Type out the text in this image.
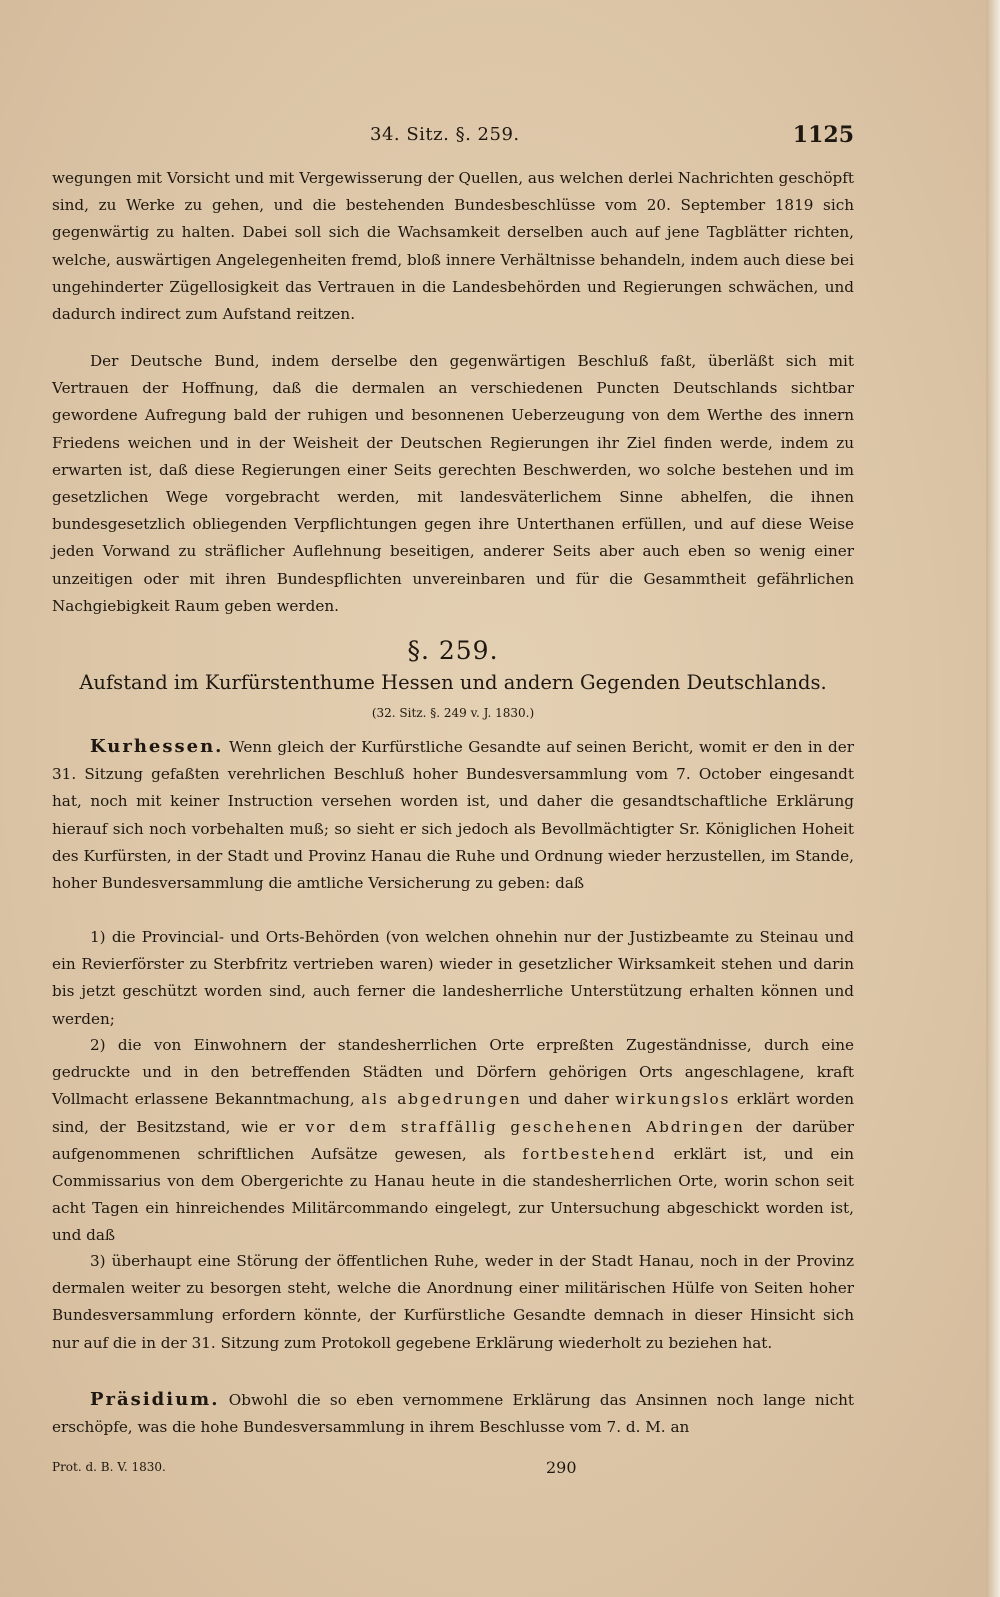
34. Sitz. §. 259.	1125

wegungen mit Vorsicht und mit Vergewisserung der Quellen, aus welchen derlei Nachrichten geschöpft sind, zu Werke zu gehen, und die bestehenden Bundesbeschlüsse vom 20. September 1819 sich gegenwärtig zu halten. Dabei soll sich die Wachsamkeit derselben auch auf jene Tagblätter richten, welche, auswärtigen Angelegenheiten fremd, bloß innere Verhältnisse behandeln, indem auch diese bei ungehinderter Zügellosigkeit das Vertrauen in die Landesbehörden und Regierungen schwächen, und dadurch indirect zum Aufstand reitzen.

Der Deutsche Bund, indem derselbe den gegenwärtigen Beschluß faßt, überläßt sich mit Vertrauen der Hoffnung, daß die dermalen an verschiedenen Puncten Deutschlands sichtbar gewordene Aufregung bald der ruhigen und besonnenen Ueberzeugung von dem Werthe des innern Friedens weichen und in der Weisheit der Deutschen Regierungen ihr Ziel finden werde, indem zu erwarten ist, daß diese Regierungen einer Seits gerechten Beschwerden, wo solche bestehen und im gesetzlichen Wege vorgebracht werden, mit landesväterlichem Sinne abhelfen, die ihnen bundesgesetzlich obliegenden Verpflichtungen gegen ihre Unterthanen erfüllen, und auf diese Weise jeden Vorwand zu sträflicher Auflehnung beseitigen, anderer Seits aber auch eben so wenig einer unzeitigen oder mit ihren Bundespflichten unvereinbaren und für die Gesammtheit gefährlichen Nachgiebigkeit Raum geben werden.

§. 259.
Aufstand im Kurfürstenthume Hessen und andern Gegenden Deutschlands.
(32. Sitz. §. 249 v. J. 1830.)

Kurhessen. Wenn gleich der Kurfürstliche Gesandte auf seinen Bericht, womit er den in der 31. Sitzung gefaßten verehrlichen Beschluß hoher Bundesversammlung vom 7. October eingesandt hat, noch mit keiner Instruction versehen worden ist, und daher die gesandtschaftliche Erklärung hierauf sich noch vorbehalten muß; so sieht er sich jedoch als Bevollmächtigter Sr. Königlichen Hoheit des Kurfürsten, in der Stadt und Provinz Hanau die Ruhe und Ordnung wieder herzustellen, im Stande, hoher Bundesversammlung die amtliche Versicherung zu geben: daß

1) die Provincial- und Orts-Behörden (von welchen ohnehin nur der Justizbeamte zu Steinau und ein Revierförster zu Sterbfritz vertrieben waren) wieder in gesetzlicher Wirksamkeit stehen und darin bis jetzt geschützt worden sind, auch ferner die landesherrliche Unterstützung erhalten können und werden;

2) die von Einwohnern der standesherrlichen Orte erpreßten Zugeständnisse, durch eine gedruckte und in den betreffenden Städten und Dörfern gehörigen Orts angeschlagene, kraft Vollmacht erlassene Bekanntmachung, als abgedrungen und daher wirkungslos erklärt worden sind, der Besitzstand, wie er vor dem straffällig geschehenen Abdringen der darüber aufgenommenen schriftlichen Aufsätze gewesen, als fortbestehend erklärt ist, und ein Commissarius von dem Obergerichte zu Hanau heute in die standesherrlichen Orte, worin schon seit acht Tagen ein hinreichendes Militärcommando eingelegt, zur Untersuchung abgeschickt worden ist, und daß

3) überhaupt eine Störung der öffentlichen Ruhe, weder in der Stadt Hanau, noch in der Provinz dermalen weiter zu besorgen steht, welche die Anordnung einer militärischen Hülfe von Seiten hoher Bundesversammlung erfordern könnte, der Kurfürstliche Gesandte demnach in dieser Hinsicht sich nur auf die in der 31. Sitzung zum Protokoll gegebene Erklärung wiederholt zu beziehen hat.

Präsidium. Obwohl die so eben vernommene Erklärung das Ansinnen noch lange nicht erschöpfe, was die hohe Bundesversammlung in ihrem Beschlusse vom 7. d. M. an

Prot. d. B. V. 1830.	290
